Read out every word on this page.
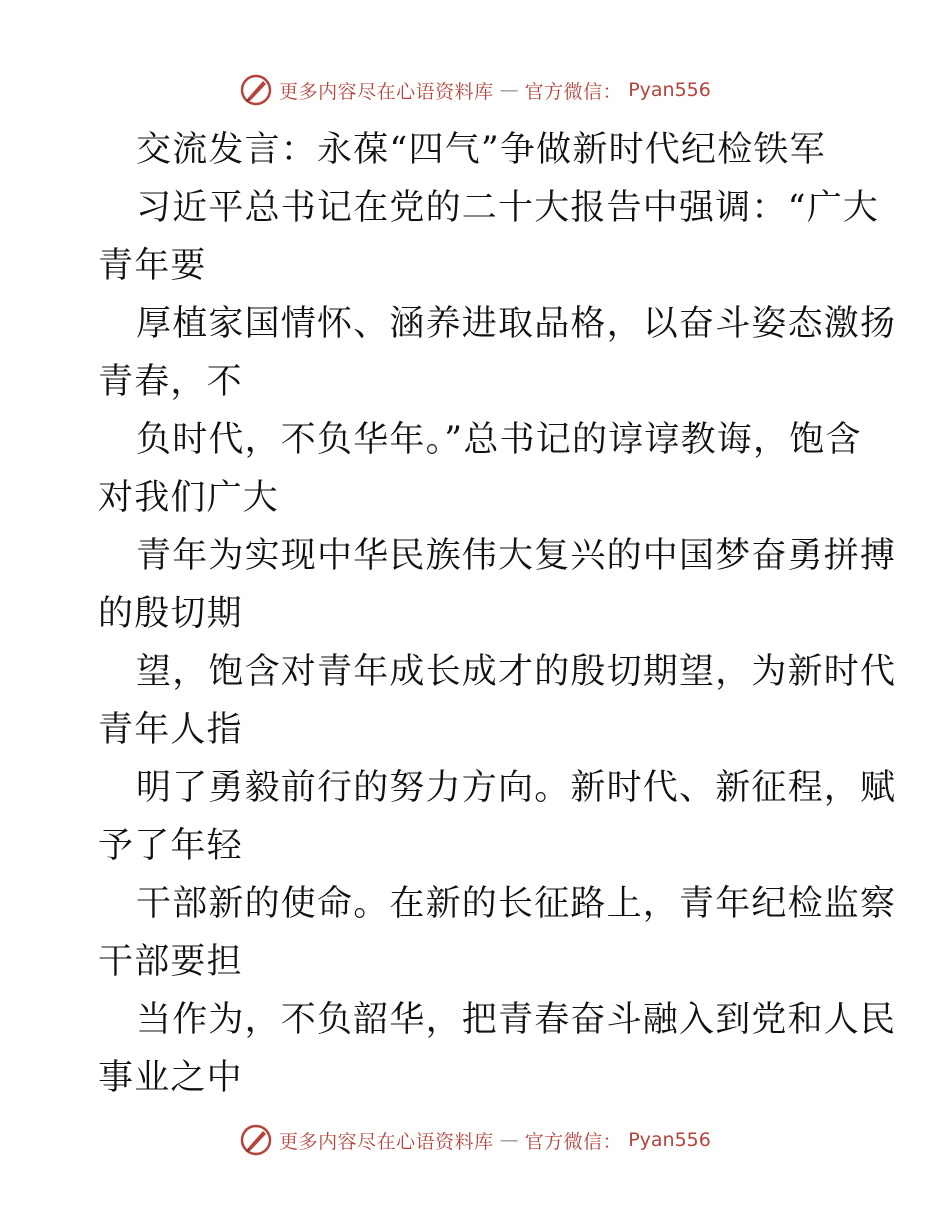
更多内容尽在心语资料库 — 官方微信： Pyan556
交流发言：永葆“四气”争做新时代纪检铁军
习近平总书记在党的二十大报告中强调：“广大
青年要
厚植家国情怀、涵养进取品格，以奋斗姿态激扬
青春，不
负时代，不负华年。”总书记的谆谆教诲，饱含
对我们广大
青年为实现中华民族伟大复兴的中国梦奋勇拼搏
的殷切期
望，饱含对青年成长成才的殷切期望，为新时代
青年人指
明了勇毅前行的努力方向。新时代、新征程，赋
予了年轻
干部新的使命。在新的长征路上，青年纪检监察
干部要担
当作为，不负韶华，把青春奋斗融入到党和人民
事业之中
更多内容尽在心语资料库 — 官方微信： Pyan556
